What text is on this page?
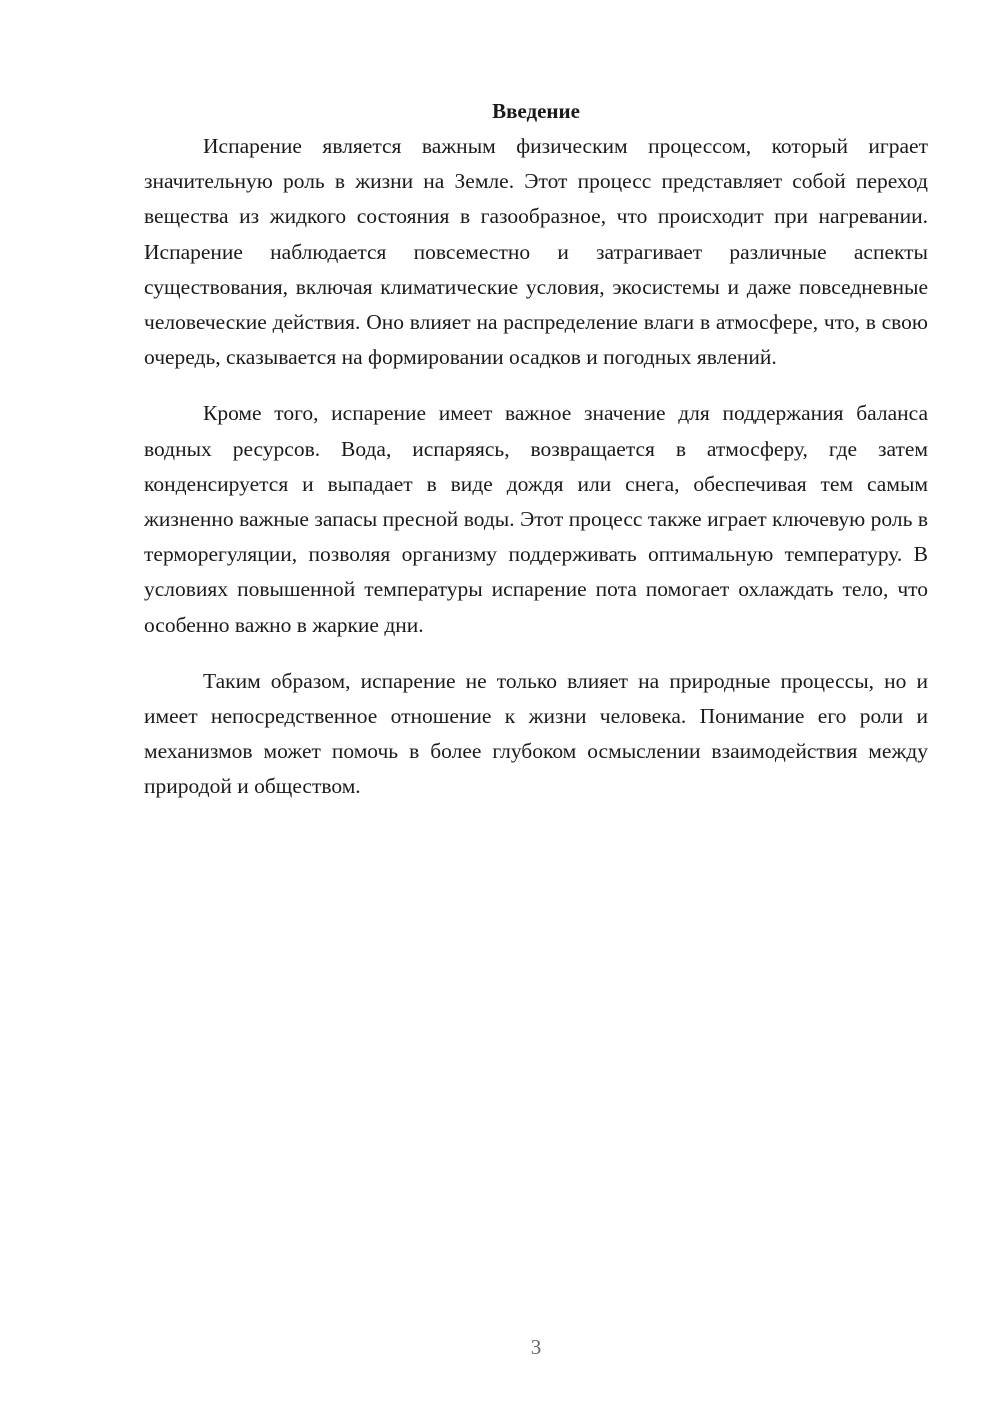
Введение

Испарение является важным физическим процессом, который играет значительную роль в жизни на Земле. Этот процесс представляет собой переход вещества из жидкого состояния в газообразное, что происходит при нагревании. Испарение наблюдается повсеместно и затрагивает различные аспекты существования, включая климатические условия, экосистемы и даже повседневные человеческие действия. Оно влияет на распределение влаги в атмосфере, что, в свою очередь, сказывается на формировании осадков и погодных явлений.

Кроме того, испарение имеет важное значение для поддержания баланса водных ресурсов. Вода, испаряясь, возвращается в атмосферу, где затем конденсируется и выпадает в виде дождя или снега, обеспечивая тем самым жизненно важные запасы пресной воды. Этот процесс также играет ключевую роль в терморегуляции, позволяя организму поддерживать оптимальную температуру. В условиях повышенной температуры испарение пота помогает охлаждать тело, что особенно важно в жаркие дни.

Таким образом, испарение не только влияет на природные процессы, но и имеет непосредственное отношение к жизни человека. Понимание его роли и механизмов может помочь в более глубоком осмыслении взаимодействия между природой и обществом.

3
